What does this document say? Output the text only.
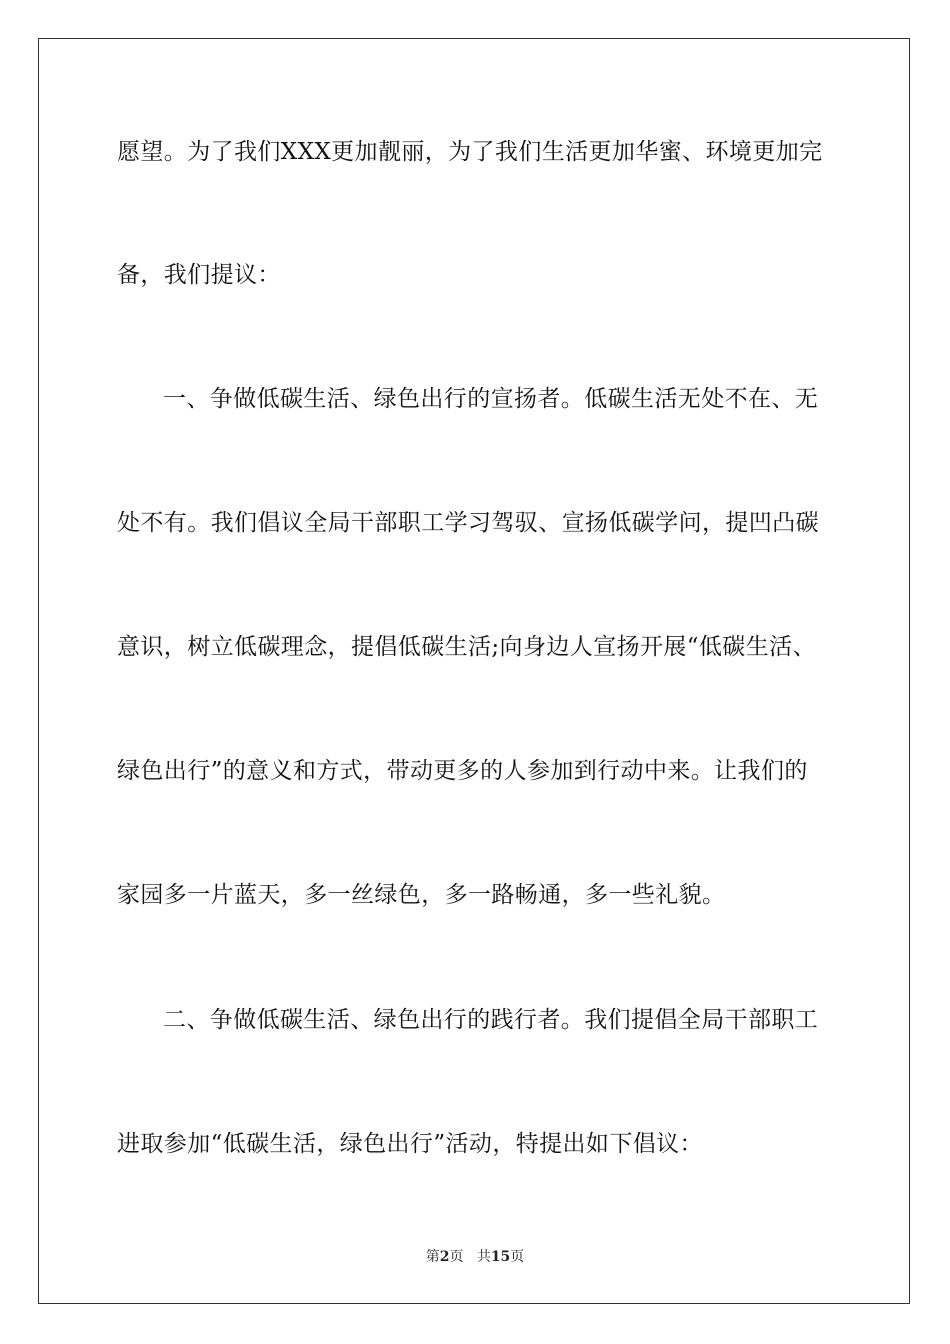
愿望。为了我们XXX更加靓丽，为了我们生活更加华蜜、环境更加完
备，我们提议：
一、争做低碳生活、绿色出行的宣扬者。低碳生活无处不在、无
处不有。我们倡议全局干部职工学习驾驭、宣扬低碳学问，提凹凸碳
意识，树立低碳理念，提倡低碳生活;向身边人宣扬开展“低碳生活、
绿色出行”的意义和方式，带动更多的人参加到行动中来。让我们的
家园多一片蓝天，多一丝绿色，多一路畅通，多一些礼貌。
二、争做低碳生活、绿色出行的践行者。我们提倡全局干部职工
进取参加“低碳生活，绿色出行”活动，特提出如下倡议：
第2页 共15页
